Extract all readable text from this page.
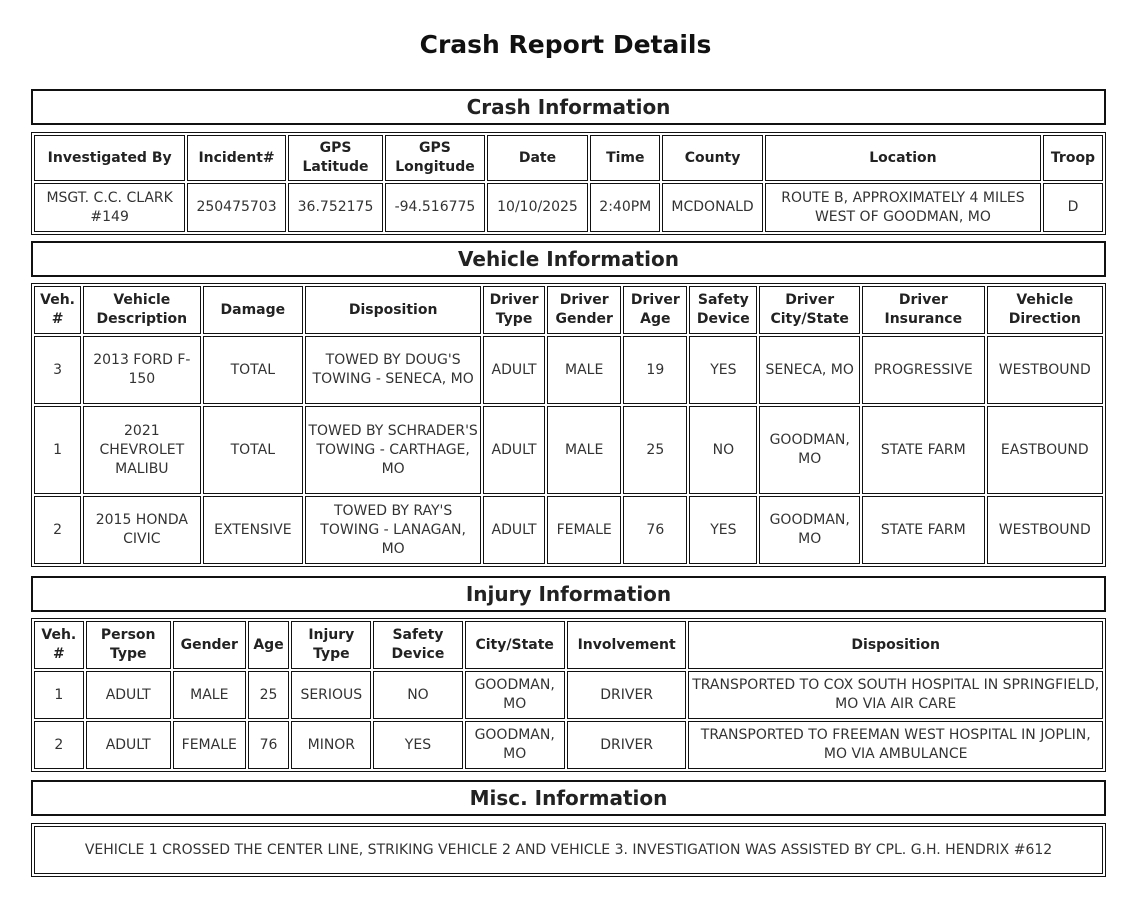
Crash Report Details
Crash Information
Investigated By	Incident#	GPS Latitude	GPS Longitude	Date	Time	County	Location	Troop
MSGT. C.C. CLARK #149	250475703	36.752175	-94.516775	10/10/2025	2:40PM	MCDONALD	ROUTE B, APPROXIMATELY 4 MILES WEST OF GOODMAN, MO	D
Vehicle Information
Veh. #	Vehicle Description	Damage	Disposition	Driver Type	Driver Gender	Driver Age	Safety Device	Driver City/State	Driver Insurance	Vehicle Direction
3	2013 FORD F-150	TOTAL	TOWED BY DOUG'S TOWING - SENECA, MO	ADULT	MALE	19	YES	SENECA, MO	PROGRESSIVE	WESTBOUND
1	2021 CHEVROLET MALIBU	TOTAL	TOWED BY SCHRADER'S TOWING - CARTHAGE, MO	ADULT	MALE	25	NO	GOODMAN, MO	STATE FARM	EASTBOUND
2	2015 HONDA CIVIC	EXTENSIVE	TOWED BY RAY'S TOWING - LANAGAN, MO	ADULT	FEMALE	76	YES	GOODMAN, MO	STATE FARM	WESTBOUND
Injury Information
Veh. #	Person Type	Gender	Age	Injury Type	Safety Device	City/State	Involvement	Disposition
1	ADULT	MALE	25	SERIOUS	NO	GOODMAN, MO	DRIVER	TRANSPORTED TO COX SOUTH HOSPITAL IN SPRINGFIELD, MO VIA AIR CARE
2	ADULT	FEMALE	76	MINOR	YES	GOODMAN, MO	DRIVER	TRANSPORTED TO FREEMAN WEST HOSPITAL IN JOPLIN, MO VIA AMBULANCE
Misc. Information
VEHICLE 1 CROSSED THE CENTER LINE, STRIKING VEHICLE 2 AND VEHICLE 3. INVESTIGATION WAS ASSISTED BY CPL. G.H. HENDRIX #612
